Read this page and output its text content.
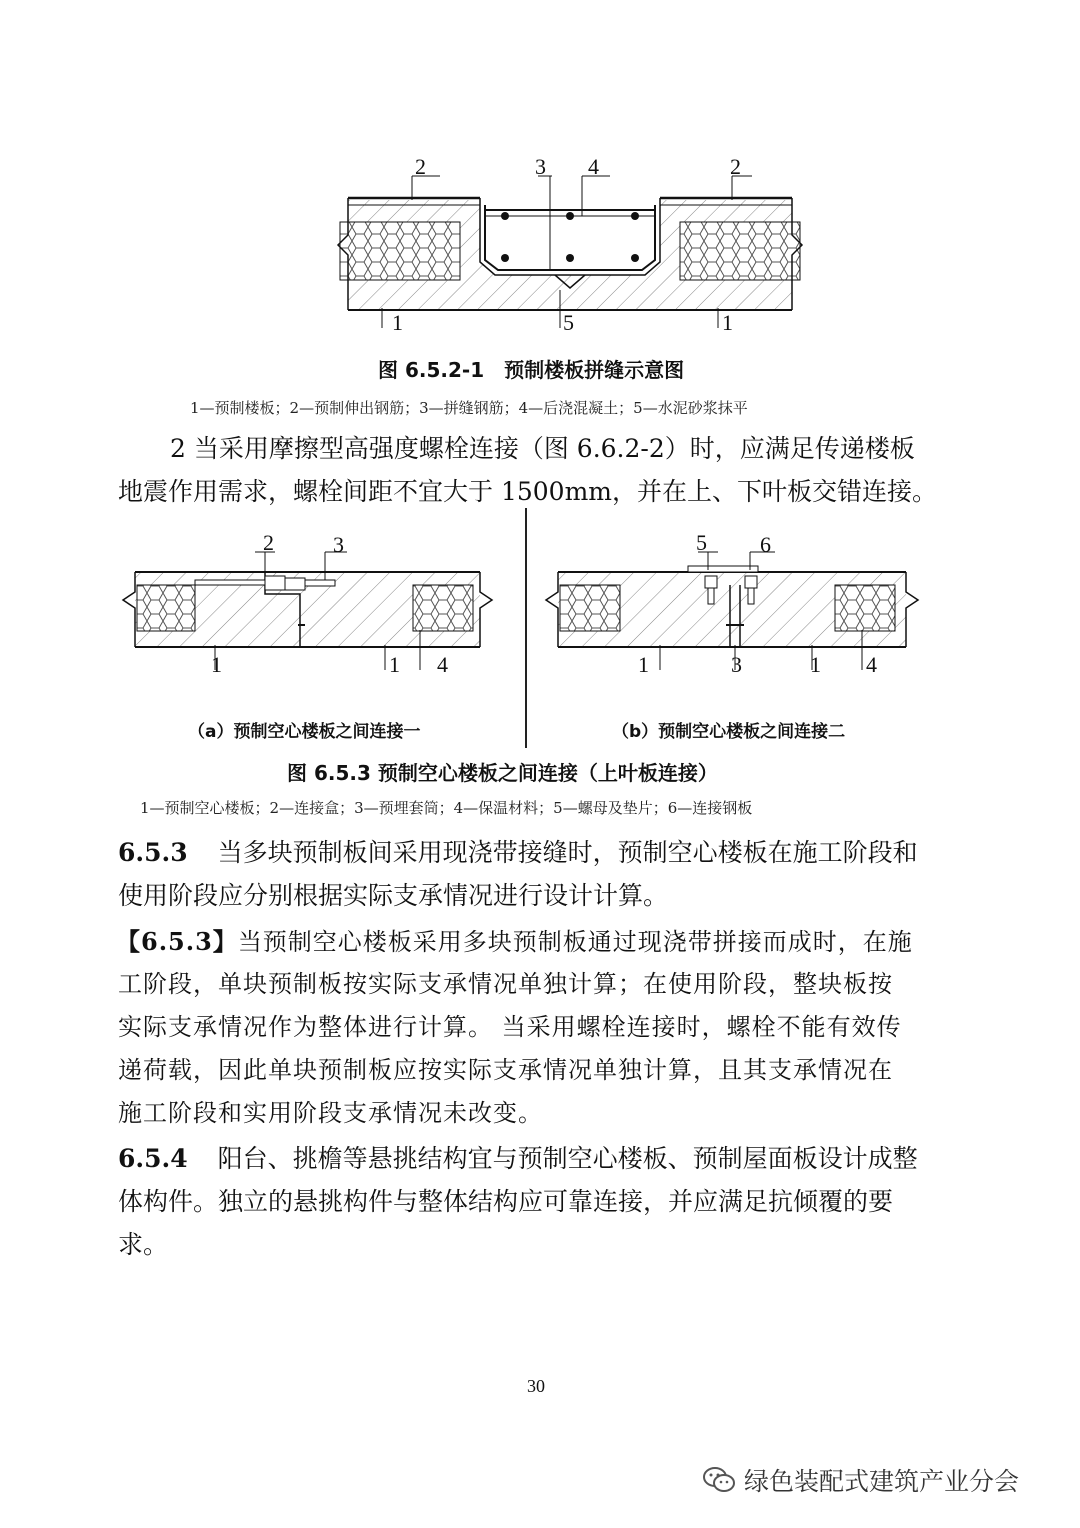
2	3 4	2
1	5	1
图 6.5.2-1　预制楼板拼缝示意图
1—预制楼板；2—预制伸出钢筋；3—拼缝钢筋；4—后浇混凝土；5—水泥砂浆抹平
2 当采用摩擦型高强度螺栓连接（图 6.6.2-2）时，应满足传递楼板
地震作用需求，螺栓间距不宜大于 1500mm，并在上、下叶板交错连接。
2	3
1	1 4
5 6
1	3	1 4
（a）预制空心楼板之间连接一	（b）预制空心楼板之间连接二
图 6.5.3 预制空心楼板之间连接（上叶板连接）
1—预制空心楼板；2—连接盒；3—预埋套筒；4—保温材料；5—螺母及垫片；6—连接钢板
6.5.3 当多块预制板间采用现浇带接缝时，预制空心楼板在施工阶段和
使用阶段应分别根据实际支承情况进行设计计算。
【6.5.3】当预制空心楼板采用多块预制板通过现浇带拼接而成时，在施
工阶段，单块预制板按实际支承情况单独计算；在使用阶段，整块板按
实际支承情况作为整体进行计算。 当采用螺栓连接时，螺栓不能有效传
递荷载，因此单块预制板应按实际支承情况单独计算，且其支承情况在
施工阶段和实用阶段支承情况未改变。
6.5.4 阳台、挑檐等悬挑结构宜与预制空心楼板、预制屋面板设计成整
体构件。独立的悬挑构件与整体结构应可靠连接，并应满足抗倾覆的要
求。
30
绿色装配式建筑产业分会
